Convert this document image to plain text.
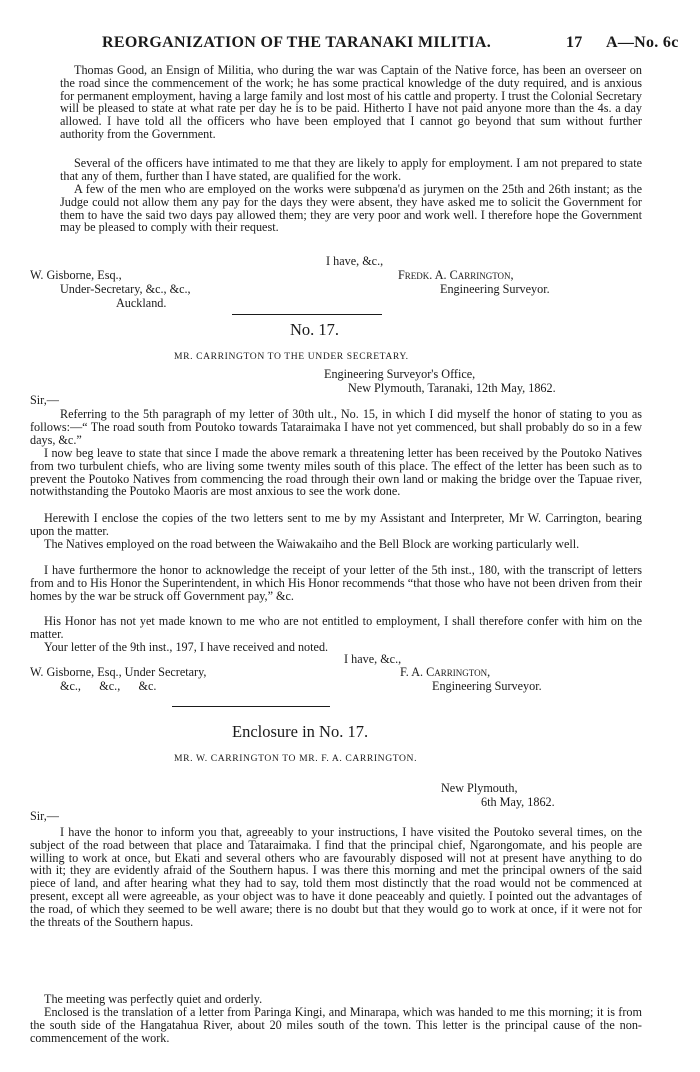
REORGANIZATION OF THE TARANAKI MILITIA.	17 A—No. 6c

Thomas Good, an Ensign of Militia, who during the war was Captain of the Native force, has been an overseer on the road since the commencement of the work; he has some practical knowledge of the duty required, and is anxious for permanent employment, having a large family and lost most of his cattle and property. I trust the Colonial Secretary will be pleased to state at what rate per day he is to be paid. Hitherto I have not paid anyone more than the 4s. a day allowed. I have told all the officers who have been employed that I cannot go beyond that sum without further authority from the Government.

Several of the officers have intimated to me that they are likely to apply for employment. I am not prepared to state that any of them, further than I have stated, are qualified for the work.

A few of the men who are employed on the works were subpœna'd as jurymen on the 25th and 26th instant; as the Judge could not allow them any pay for the days they were absent, they have asked me to solicit the Government for them to have the said two days pay allowed them; they are very poor and work well. I therefore hope the Government may be pleased to comply with their request.

I have, &c.,
W. Gisborne, Esq.,
Under-Secretary, &c., &c.,
Auckland.
Fredk. A. Carrington,
Engineering Surveyor.
No. 17.
MR. CARRINGTON TO THE UNDER SECRETARY.
Engineering Surveyor's Office,
New Plymouth, Taranaki, 12th May, 1862.
Sir,—

Referring to the 5th paragraph of my letter of 30th ult., No. 15, in which I did myself the honor of stating to you as follows:—“ The road south from Poutoko towards Tataraimaka I have not yet commenced, but shall probably do so in a few days, &c.”

I now beg leave to state that since I made the above remark a threatening letter has been received by the Poutoko Natives from two turbulent chiefs, who are living some twenty miles south of this place. The effect of the letter has been such as to prevent the Poutoko Natives from commencing the road through their own land or making the bridge over the Tapuae river, notwithstanding the Poutoko Maoris are most anxious to see the work done.

Herewith I enclose the copies of the two letters sent to me by my Assistant and Interpreter, Mr W. Carrington, bearing upon the matter.

The Natives employed on the road between the Waiwakaiho and the Bell Block are working particularly well.

I have furthermore the honor to acknowledge the receipt of your letter of the 5th inst., 180, with the transcript of letters from and to His Honor the Superintendent, in which His Honor recommends “that those who have not been driven from their homes by the war be struck off Government pay,” &c.

His Honor has not yet made known to me who are not entitled to employment, I shall therefore confer with him on the matter.

Your letter of the 9th inst., 197, I have received and noted.

I have, &c.,
W. Gisborne, Esq., Under Secretary,
&c.,      &c.,      &c.
F. A. Carrington,
Engineering Surveyor.
Enclosure in No. 17.
MR. W. CARRINGTON TO MR. F. A. CARRINGTON.
New Plymouth,
6th May, 1862.
Sir,—

I have the honor to inform you that, agreeably to your instructions, I have visited the Poutoko several times, on the subject of the road between that place and Tataraimaka. I find that the principal chief, Ngarongomate, and his people are willing to work at once, but Ekati and several others who are favourably disposed will not at present have anything to do with it; they are evidently afraid of the Southern hapus. I was there this morning and met the principal owners of the said piece of land, and after hearing what they had to say, told them most distinctly that the road would not be commenced at present, except all were agreeable, as your object was to have it done peaceably and quietly. I pointed out the advantages of the road, of which they seemed to be well aware; there is no doubt but that they would go to work at once, if it were not for the threats of the Southern hapus.

The meeting was perfectly quiet and orderly.

Enclosed is the translation of a letter from Paringa Kingi, and Minarapa, which was handed to me this morning; it is from the south side of the Hangatahua River, about 20 miles south of the town. This letter is the principal cause of the non-commencement of the work.
